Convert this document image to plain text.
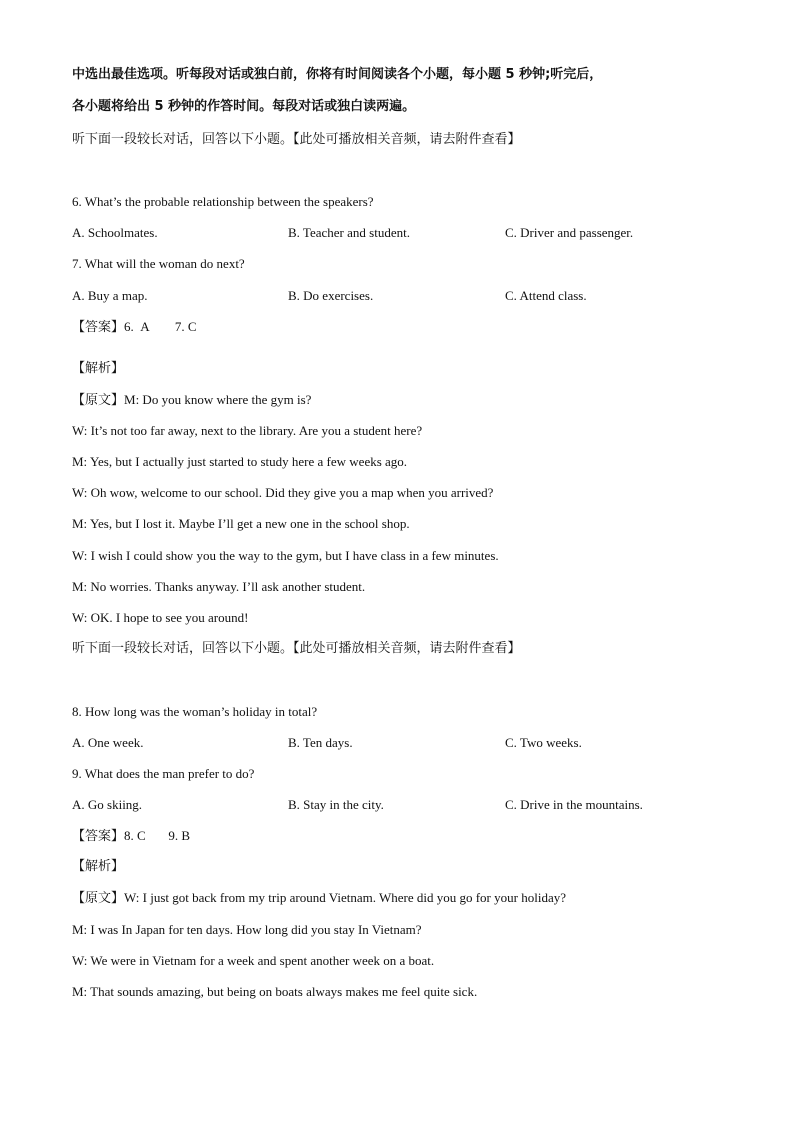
中选出最佳选项。听每段对话或独白前，你将有时间阅读各个小题，每小题 5 秒钟;听完后，
各小题将给出 5 秒钟的作答时间。每段对话或独白读两遍。
听下面一段较长对话，回答以下小题。【此处可播放相关音频，请去附件查看】
6. What’s the probable relationship between the speakers?
A. Schoolmates.	B. Teacher and student.	C. Driver and passenger.
7. What will the woman do next?
A. Buy a map.	B. Do exercises.	C. Attend class.
【答案】6.  A        7. C
【解析】
【原文】M: Do you know where the gym is?
W: It’s not too far away, next to the library. Are you a student here?
M: Yes, but I actually just started to study here a few weeks ago.
W: Oh wow, welcome to our school. Did they give you a map when you arrived?
M: Yes, but I lost it. Maybe I’ll get a new one in the school shop.
W: I wish I could show you the way to the gym, but I have class in a few minutes.
M: No worries. Thanks anyway. I’ll ask another student.
W: OK. I hope to see you around!
听下面一段较长对话，回答以下小题。【此处可播放相关音频，请去附件查看】
8. How long was the woman’s holiday in total?
A. One week.	B. Ten days.	C. Two weeks.
9. What does the man prefer to do?
A. Go skiing.	B. Stay in the city.	C. Drive in the mountains.
【答案】8. C       9. B
【解析】
【原文】W: I just got back from my trip around Vietnam. Where did you go for your holiday?
M: I was In Japan for ten days. How long did you stay In Vietnam?
W: We were in Vietnam for a week and spent another week on a boat.
M: That sounds amazing, but being on boats always makes me feel quite sick.
